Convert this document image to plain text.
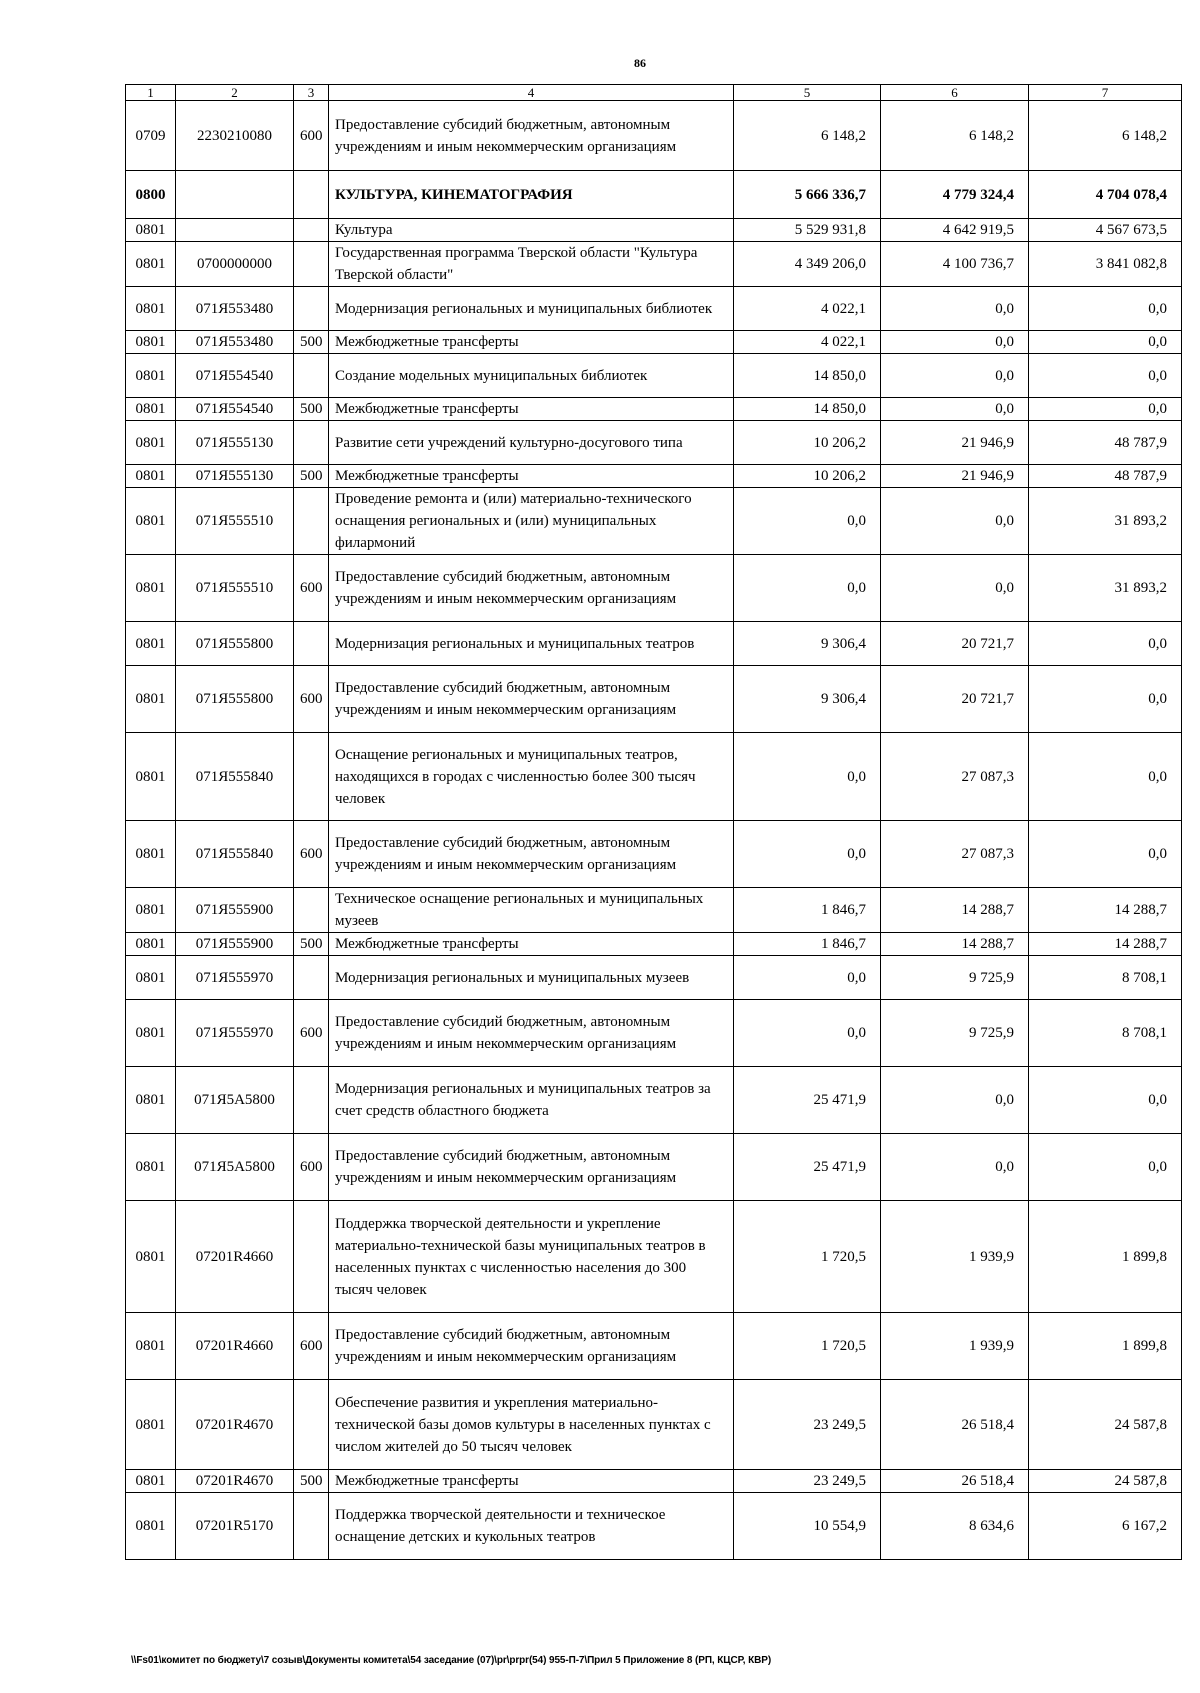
86
1	2	3	4	5	6	7
0709	2230210080	600	Предоставление субсидий бюджетным, автономным учреждениям и иным некоммерческим организациям	6 148,2	6 148,2	6 148,2
0800			КУЛЬТУРА, КИНЕМАТОГРАФИЯ	5 666 336,7	4 779 324,4	4 704 078,4
0801			Культура	5 529 931,8	4 642 919,5	4 567 673,5
0801	0700000000		Государственная программа Тверской области "Культура Тверской области"	4 349 206,0	4 100 736,7	3 841 082,8
0801	071Я553480		Модернизация региональных и муниципальных библиотек	4 022,1	0,0	0,0
0801	071Я553480	500	Межбюджетные трансферты	4 022,1	0,0	0,0
0801	071Я554540		Создание модельных муниципальных библиотек	14 850,0	0,0	0,0
0801	071Я554540	500	Межбюджетные трансферты	14 850,0	0,0	0,0
0801	071Я555130		Развитие сети учреждений культурно-досугового типа	10 206,2	21 946,9	48 787,9
0801	071Я555130	500	Межбюджетные трансферты	10 206,2	21 946,9	48 787,9
0801	071Я555510		Проведение ремонта и (или) материально-технического оснащения региональных и (или) муниципальных филармоний	0,0	0,0	31 893,2
0801	071Я555510	600	Предоставление субсидий бюджетным, автономным учреждениям и иным некоммерческим организациям	0,0	0,0	31 893,2
0801	071Я555800		Модернизация региональных и муниципальных театров	9 306,4	20 721,7	0,0
0801	071Я555800	600	Предоставление субсидий бюджетным, автономным учреждениям и иным некоммерческим организациям	9 306,4	20 721,7	0,0
0801	071Я555840		Оснащение региональных и муниципальных театров, находящихся в городах с численностью более 300 тысяч человек	0,0	27 087,3	0,0
0801	071Я555840	600	Предоставление субсидий бюджетным, автономным учреждениям и иным некоммерческим организациям	0,0	27 087,3	0,0
0801	071Я555900		Техническое оснащение региональных и муниципальных музеев	1 846,7	14 288,7	14 288,7
0801	071Я555900	500	Межбюджетные трансферты	1 846,7	14 288,7	14 288,7
0801	071Я555970		Модернизация региональных и муниципальных музеев	0,0	9 725,9	8 708,1
0801	071Я555970	600	Предоставление субсидий бюджетным, автономным учреждениям и иным некоммерческим организациям	0,0	9 725,9	8 708,1
0801	071Я5А5800		Модернизация региональных и муниципальных театров за счет средств областного бюджета	25 471,9	0,0	0,0
0801	071Я5А5800	600	Предоставление субсидий бюджетным, автономным учреждениям и иным некоммерческим организациям	25 471,9	0,0	0,0
0801	07201R4660		Поддержка творческой деятельности и укрепление материально-технической базы муниципальных театров в населенных пунктах с численностью населения до 300 тысяч человек	1 720,5	1 939,9	1 899,8
0801	07201R4660	600	Предоставление субсидий бюджетным, автономным учреждениям и иным некоммерческим организациям	1 720,5	1 939,9	1 899,8
0801	07201R4670		Обеспечение развития и укрепления материально-технической базы домов культуры в населенных пунктах с числом жителей до 50 тысяч человек	23 249,5	26 518,4	24 587,8
0801	07201R4670	500	Межбюджетные трансферты	23 249,5	26 518,4	24 587,8
0801	07201R5170		Поддержка творческой деятельности и техническое оснащение детских и кукольных театров	10 554,9	8 634,6	6 167,2
\\Fs01\комитет по бюджету\7 созыв\Документы комитета\54 заседание (07)\pr\prpr(54) 955-П-7\Прил 5 Приложение 8 (РП, КЦСР, КВР)
